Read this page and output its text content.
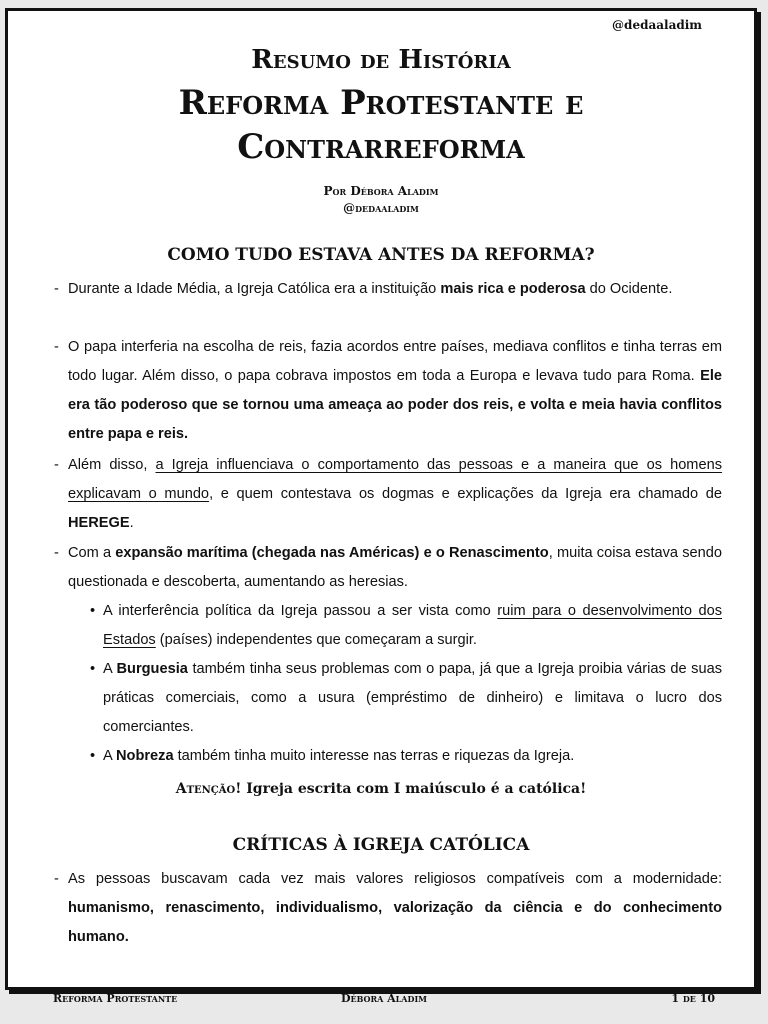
@dedaaladim
Resumo de História
Reforma Protestante e
Contrarreforma
Por Débora Aladim
@dedaaladim
COMO TUDO ESTAVA ANTES DA REFORMA?
- Durante a Idade Média, a Igreja Católica era a instituição mais rica e poderosa do Ocidente.
- O papa interferia na escolha de reis, fazia acordos entre países, mediava conflitos e tinha terras em todo lugar. Além disso, o papa cobrava impostos em toda a Europa e levava tudo para Roma. Ele era tão poderoso que se tornou uma ameaça ao poder dos reis, e volta e meia havia conflitos entre papa e reis.
- Além disso, a Igreja influenciava o comportamento das pessoas e a maneira que os homens explicavam o mundo, e quem contestava os dogmas e explicações da Igreja era chamado de HEREGE.
- Com a expansão marítima (chegada nas Américas) e o Renascimento, muita coisa estava sendo questionada e descoberta, aumentando as heresias.
• A interferência política da Igreja passou a ser vista como ruim para o desenvolvimento dos Estados (países) independentes que começaram a surgir.
• A Burguesia também tinha seus problemas com o papa, já que a Igreja proibia várias de suas práticas comerciais, como a usura (empréstimo de dinheiro) e limitava o lucro dos comerciantes.
• A Nobreza também tinha muito interesse nas terras e riquezas da Igreja.
Atenção! Igreja escrita com I maiúsculo é a católica!
CRÍTICAS À IGREJA CATÓLICA
- As pessoas buscavam cada vez mais valores religiosos compatíveis com a modernidade: humanismo, renascimento, individualismo, valorização da ciência e do conhecimento humano.
Reforma Protestante	Débora Aladim	1 de 10
